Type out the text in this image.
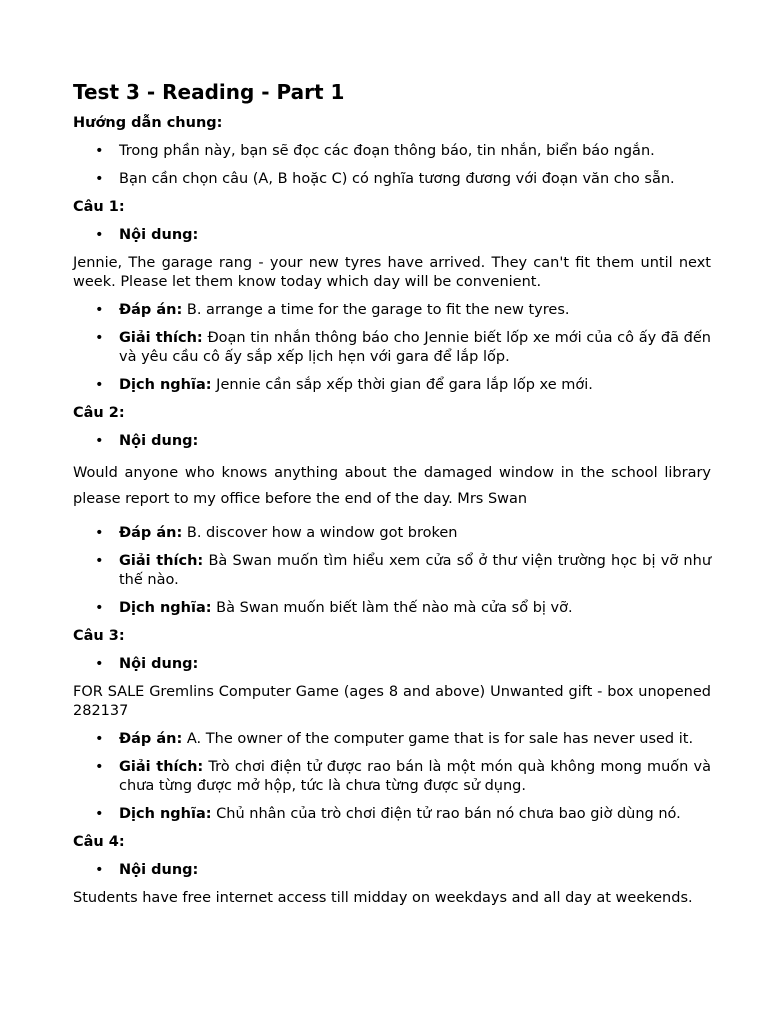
Test 3 - Reading - Part 1
Hướng dẫn chung:
• Trong phần này, bạn sẽ đọc các đoạn thông báo, tin nhắn, biển báo ngắn.
• Bạn cần chọn câu (A, B hoặc C) có nghĩa tương đương với đoạn văn cho sẵn.
Câu 1:
• Nội dung:
Jennie, The garage rang - your new tyres have arrived. They can't fit them until next week. Please let them know today which day will be convenient.
• Đáp án: B. arrange a time for the garage to fit the new tyres.
• Giải thích: Đoạn tin nhắn thông báo cho Jennie biết lốp xe mới của cô ấy đã đến và yêu cầu cô ấy sắp xếp lịch hẹn với gara để lắp lốp.
• Dịch nghĩa: Jennie cần sắp xếp thời gian để gara lắp lốp xe mới.
Câu 2:
• Nội dung:
Would anyone who knows anything about the damaged window in the school library please report to my office before the end of the day. Mrs Swan
• Đáp án: B. discover how a window got broken
• Giải thích: Bà Swan muốn tìm hiểu xem cửa sổ ở thư viện trường học bị vỡ như thế nào.
• Dịch nghĩa: Bà Swan muốn biết làm thế nào mà cửa sổ bị vỡ.
Câu 3:
• Nội dung:
FOR SALE Gremlins Computer Game (ages 8 and above) Unwanted gift - box unopened 282137
• Đáp án: A. The owner of the computer game that is for sale has never used it.
• Giải thích: Trò chơi điện tử được rao bán là một món quà không mong muốn và chưa từng được mở hộp, tức là chưa từng được sử dụng.
• Dịch nghĩa: Chủ nhân của trò chơi điện tử rao bán nó chưa bao giờ dùng nó.
Câu 4:
• Nội dung:
Students have free internet access till midday on weekdays and all day at weekends.
